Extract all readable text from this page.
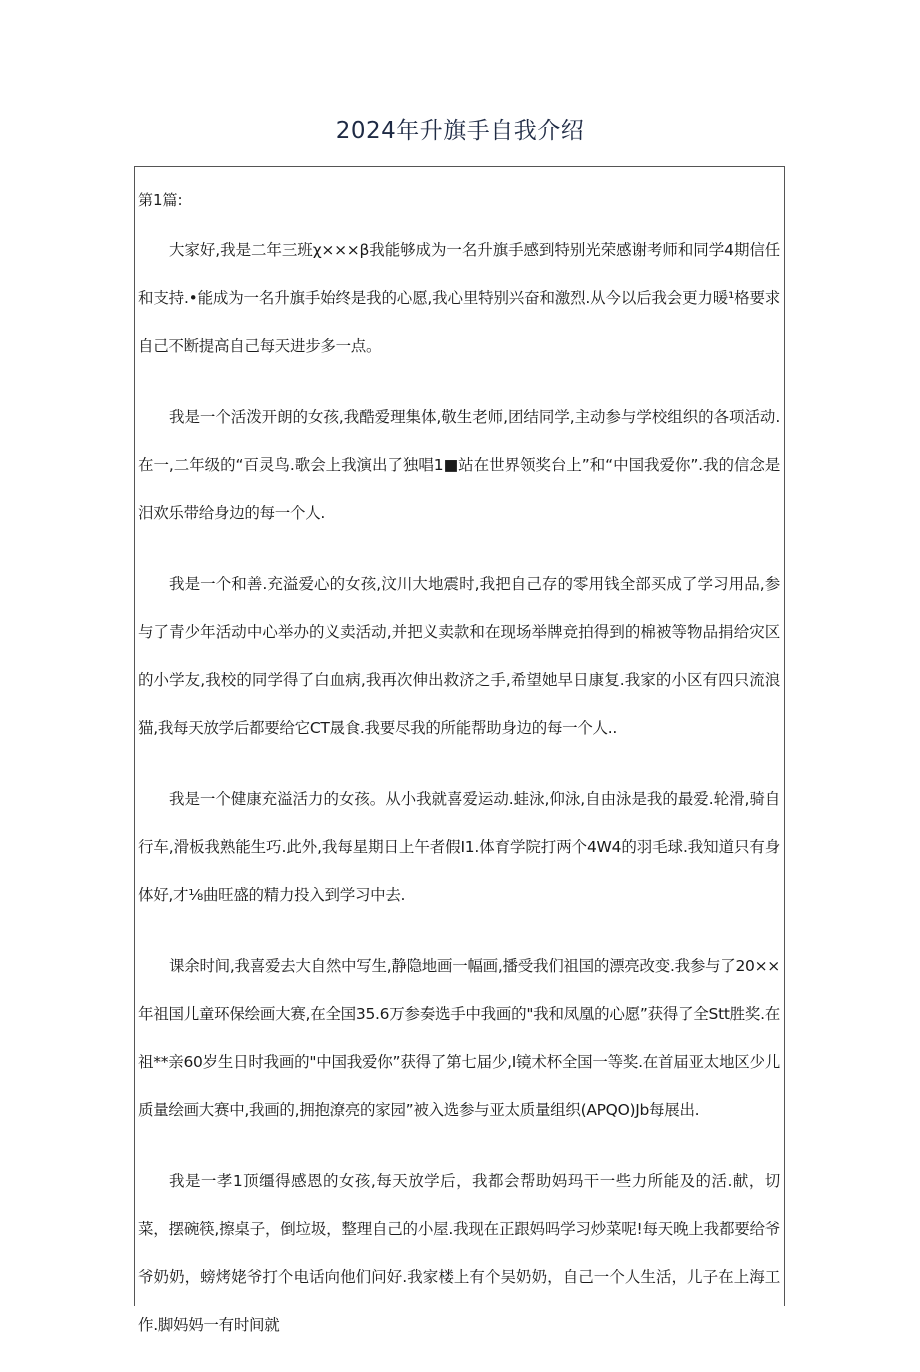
2024年升旗手自我介绍

第1篇:

大家好,我是二年三班χ×××β我能够成为一名升旗手感到特别光荣感谢考师和同学4期信任和支持.•能成为一名升旗手始终是我的心愿,我心里特别兴奋和激烈.从今以后我会更力暖¹格要求自己不断提高自己每天进步多一点。

我是一个活泼开朗的女孩,我酷爱理集体,敬生老师,团结同学,主动参与学校组织的各项活动.在一,二年级的“百灵鸟.歌会上我演出了独唱1■站在世界领奖台上”和“中国我爱你”.我的信念是汨欢乐带给身边的每一个人.

我是一个和善.充溢爱心的女孩,汶川大地震时,我把自己存的零用钱全部买成了学习用品,参与了青少年活动中心举办的义卖活动,并把义卖款和在现场举牌竞拍得到的棉被等物品捐给灾区的小学友,我校的同学得了白血病,我再次伸出救济之手,希望她早日康复.我家的小区有四只流浪猫,我每天放学后都要给它CT晟食.我要尽我的所能帮助身边的每一个人..

我是一个健康充溢活力的女孩。从小我就喜爱运动.蛙泳,仰泳,自由泳是我的最爱.轮滑,骑自行车,滑板我熟能生巧.此外,我每星期日上午者假I1.体育学院打两个4W4的羽毛球.我知道只有身体好,才⅛曲旺盛的精力投入到学习中去.

课余时间,我喜爱去大自然中写生,静隐地画一幅画,播受我们祖国的漂亮改变.我参与了20×× 年祖国儿童环保绘画大赛,在全国35.6万参奏选手中我画的"我和凤凰的心愿”获得了全Stt胜奖.在祖**亲60岁生日时我画的"中国我爱你”获得了第七届少,I镜术杯全国一等奖.在首届亚太地区少儿质量绘画大赛中,我画的,拥抱潦亮的家园”被入选参与亚太质量组织(APQO)Jb每展出.

我是一孝1顶缰得感恩的女孩,每天放学后，我都会帮助妈玛干一些力所能及的活.献，切菜，摆碗筷,擦桌子，倒垃圾，整理自己的小屋.我现在正跟妈吗学习炒菜呢!每天晚上我都要给爷爷奶奶，螃烤姥爷打个电话向他们问好.我家楼上有个吴奶奶，自己一个人生活，儿子在上海工作.脚妈妈一有时间就
